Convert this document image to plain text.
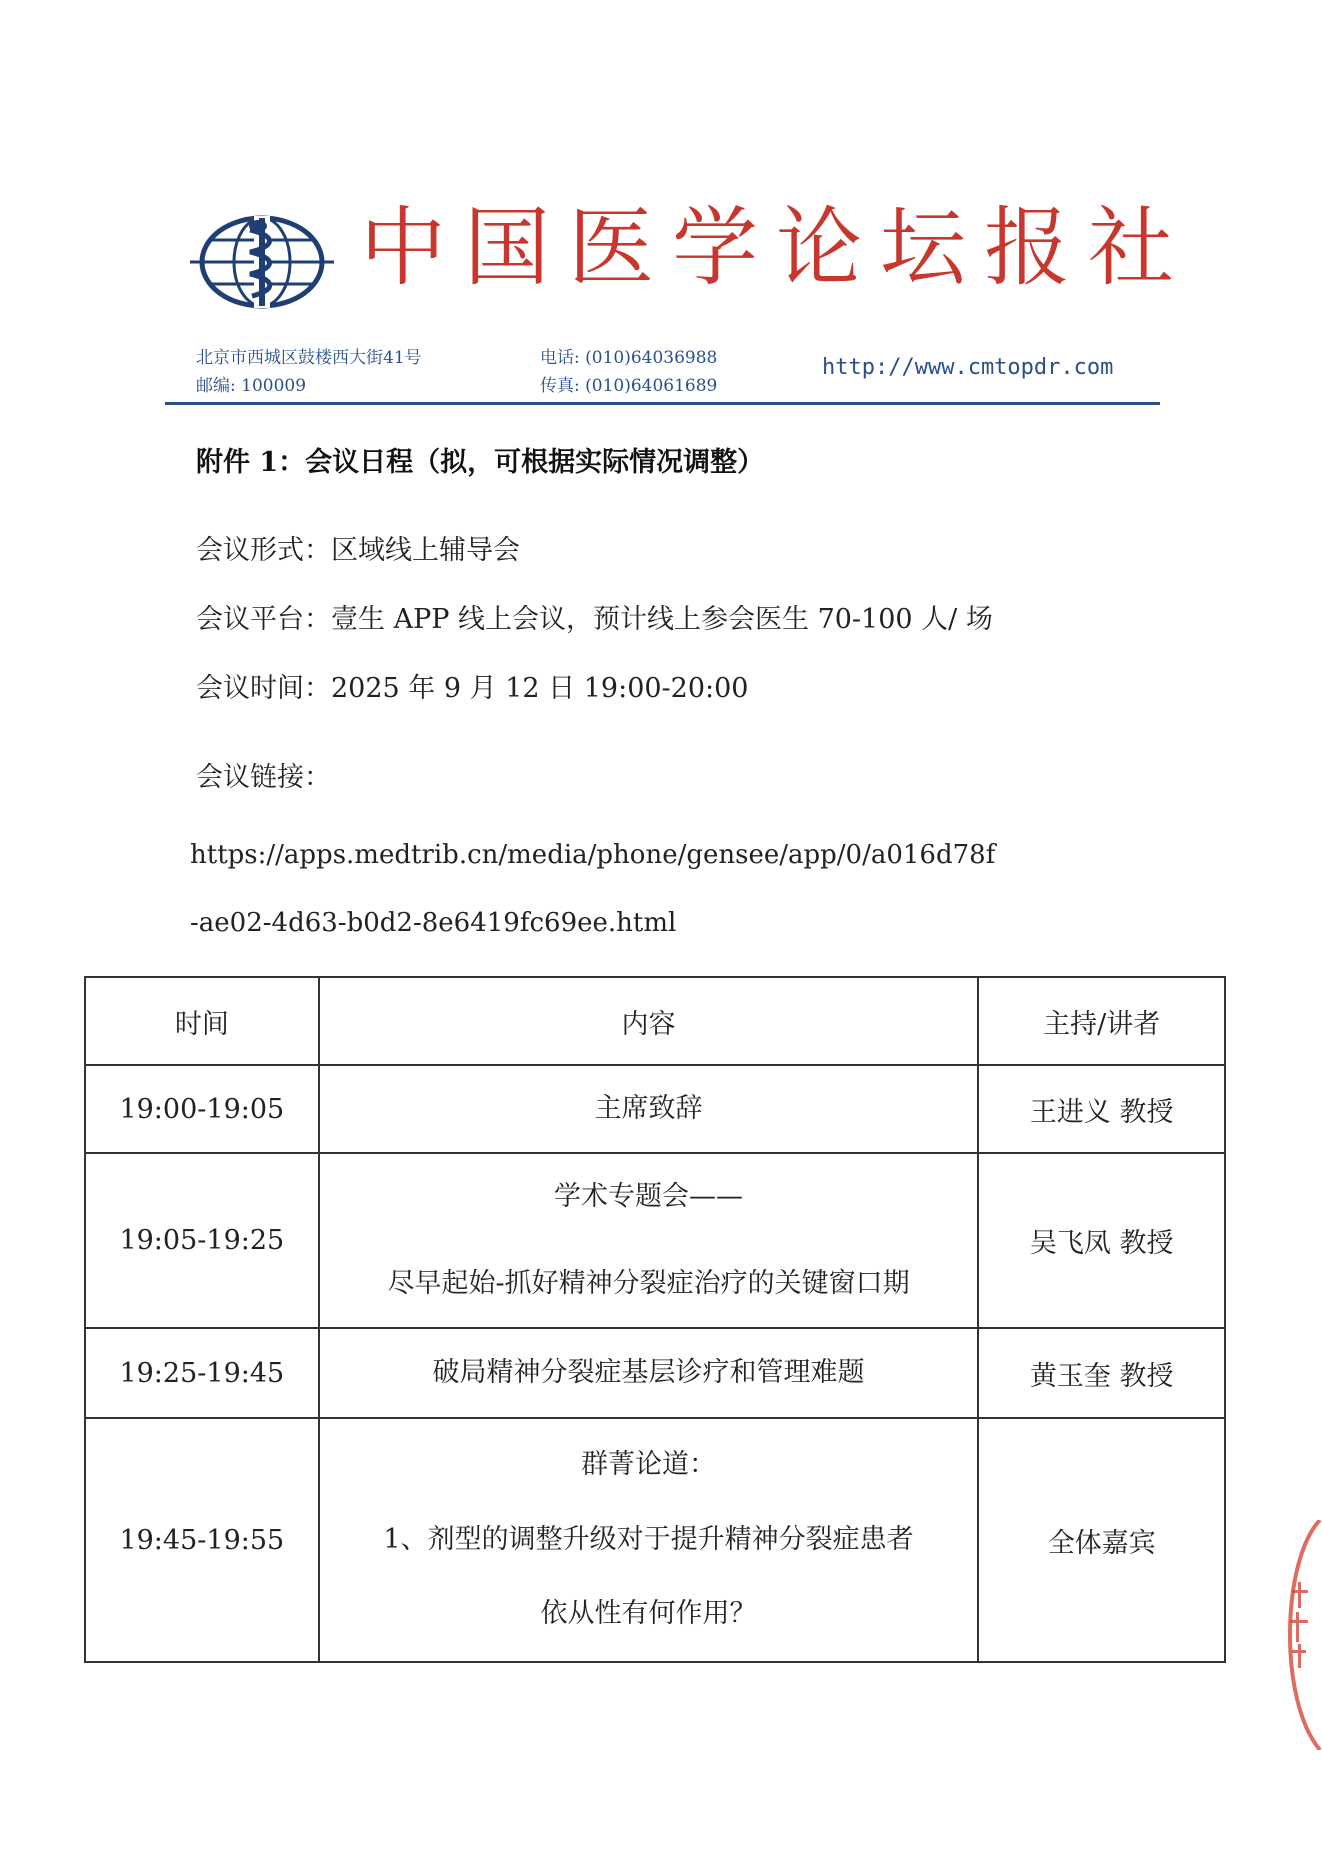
中国医学论坛报社
北京市西城区鼓楼西大街41号
邮编: 100009
电话: (010)64036988
传真: (010)64061689
http://www.cmtopdr.com
附件 1：会议日程（拟，可根据实际情况调整）
会议形式：区域线上辅导会
会议平台：壹生 APP 线上会议，预计线上参会医生 70-100 人/ 场
会议时间：2025 年 9 月 12 日 19:00-20:00
会议链接：
https://apps.medtrib.cn/media/phone/gensee/app/0/a016d78f
-ae02-4d63-b0d2-8e6419fc69ee.html
时间	内容	主持/讲者
19:00-19:05	主席致辞	王进义 教授
19:05-19:25	学术专题会——
尽早起始-抓好精神分裂症治疗的关键窗口期	吴飞凤 教授
19:25-19:45	破局精神分裂症基层诊疗和管理难题	黄玉奎 教授
19:45-19:55	群菁论道：
1、剂型的调整升级对于提升精神分裂症患者
依从性有何作用？	全体嘉宾
